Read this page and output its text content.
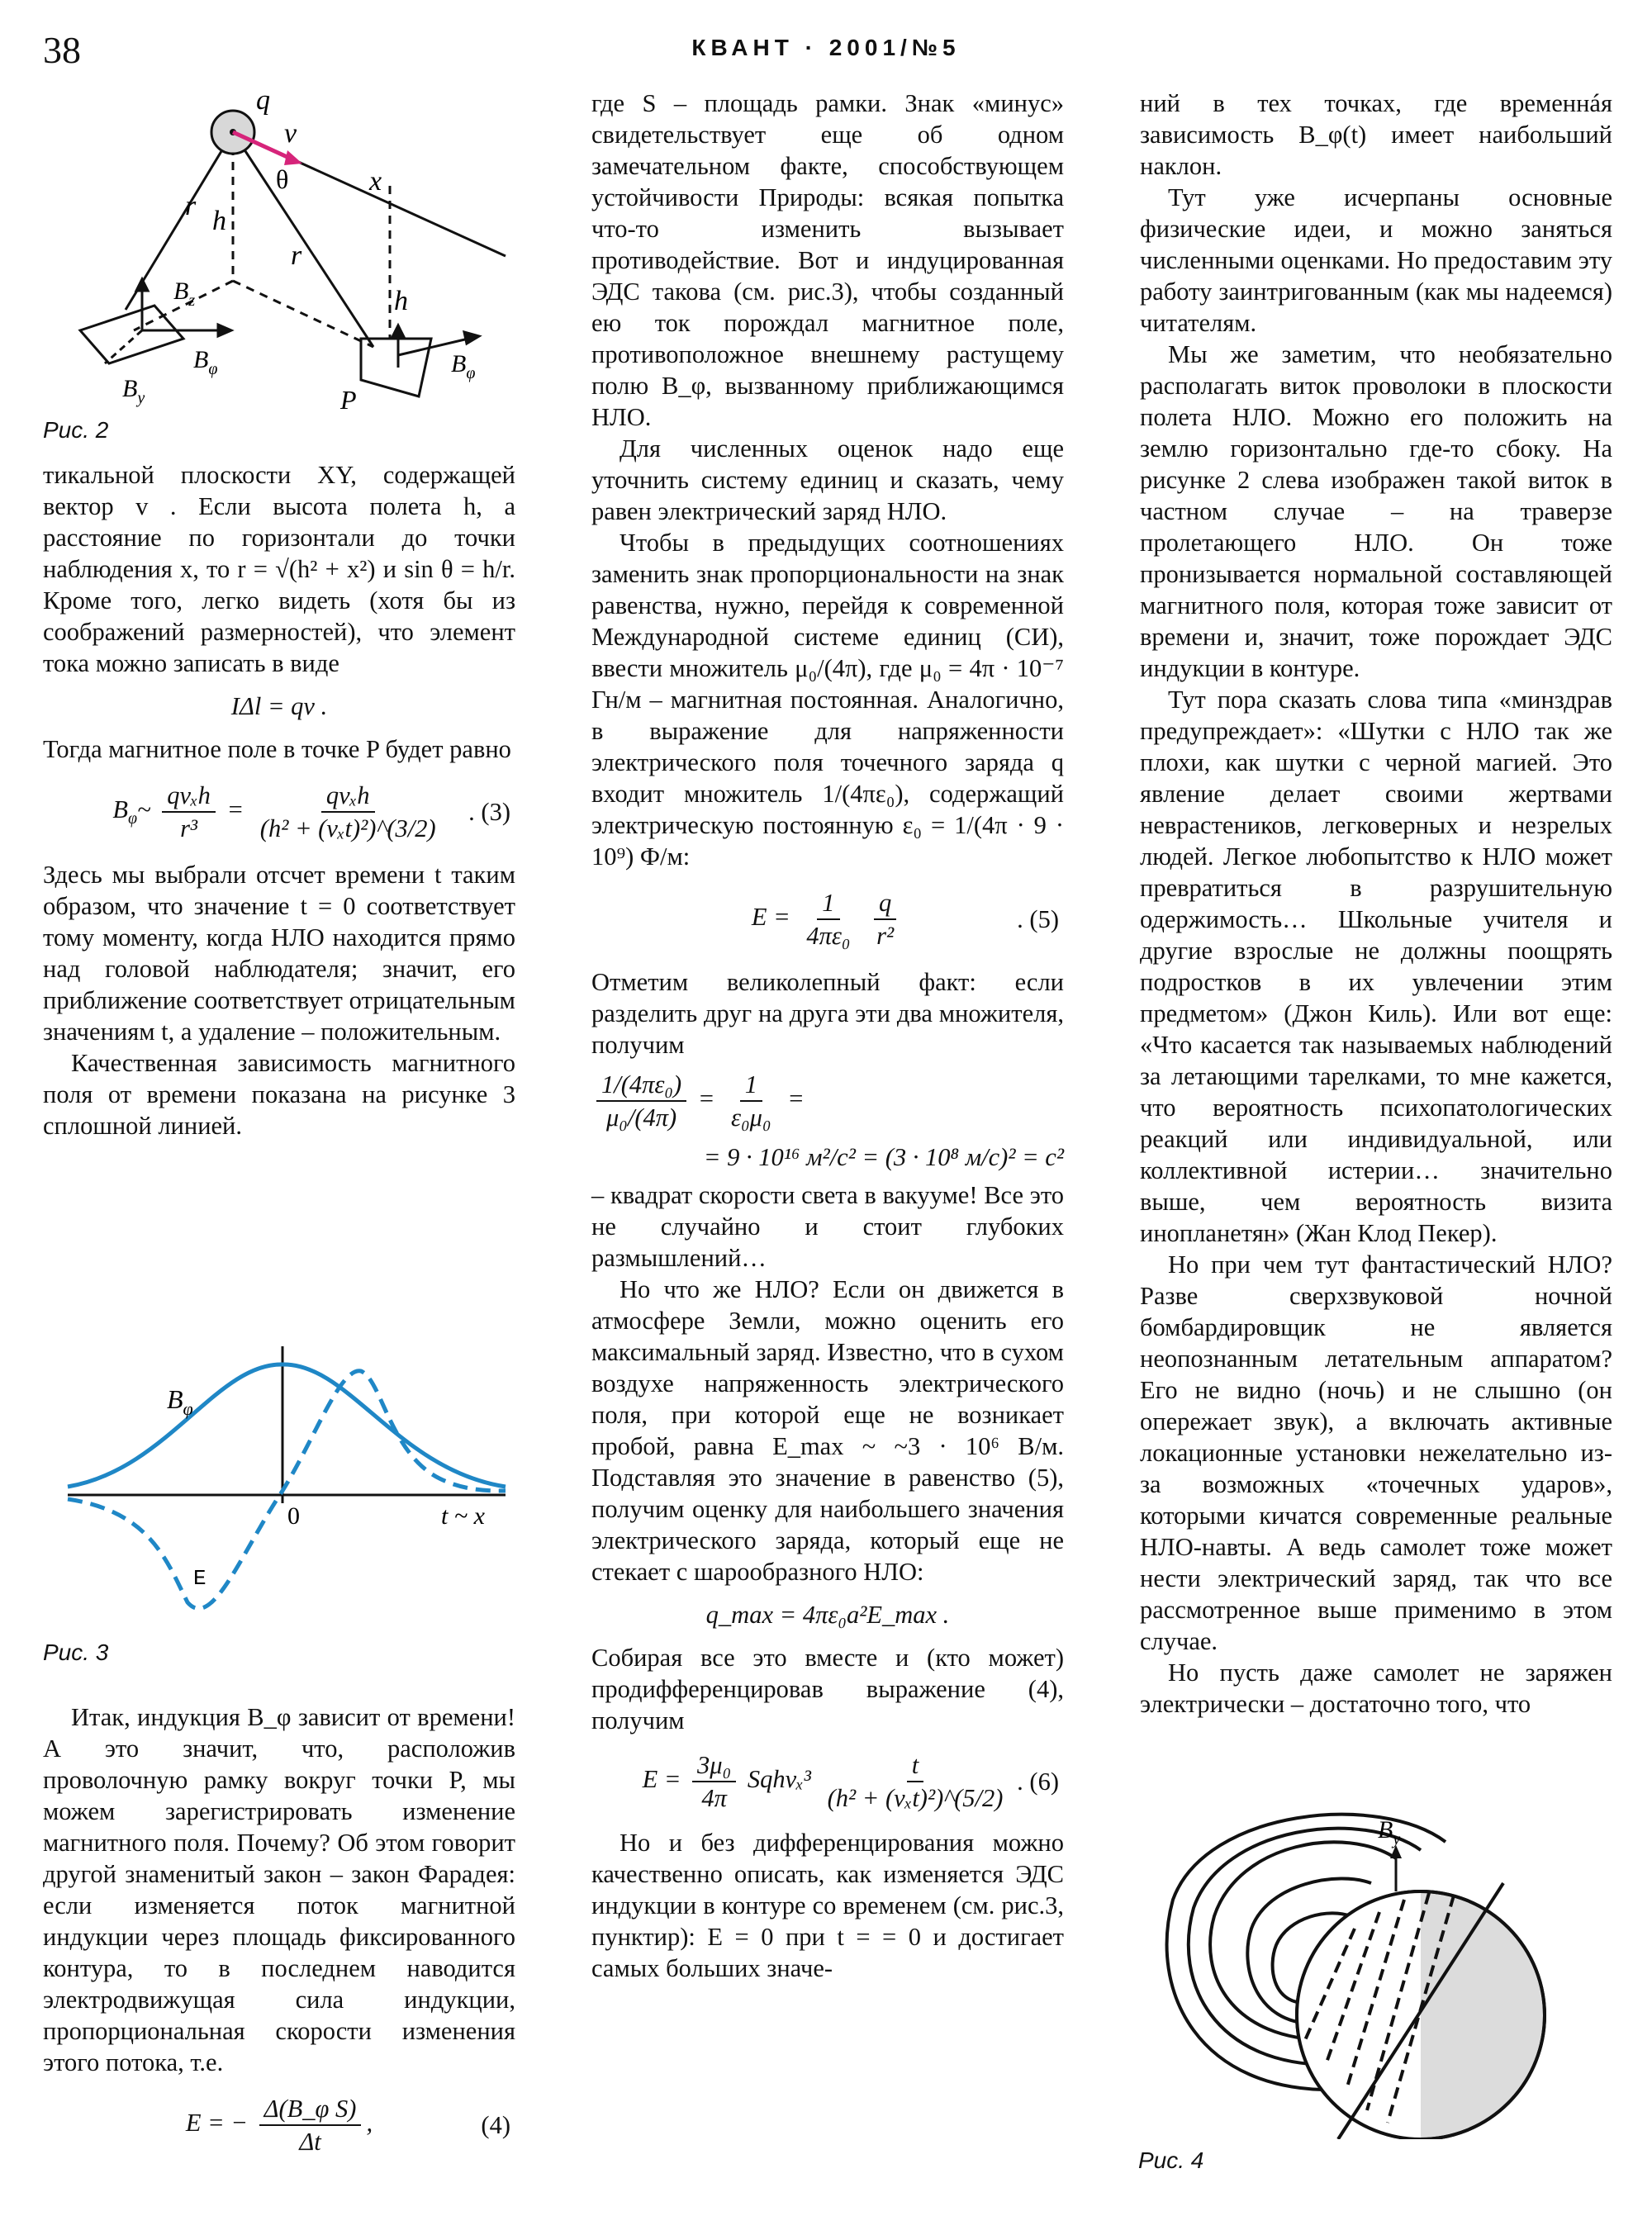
38	КВАНТ · 2001/№5
q
v
θ
r h
x
r
h
$B_z$
$B_\varphi$
$B_y$
$B_\varphi$
P
Рис. 2

тикальной плоскости XY, содержащей вектор v . Если высота полета h, а расстояние по горизонтали до точки наблюдения x, то r = √(h² + x²) и sin θ = h/r. Кроме того, легко видеть (хотя бы из соображений размерностей), что элемент тока можно записать в виде

IΔl = qv .

Тогда магнитное поле в точке P будет равно

$B_\varphi\sim \frac{\text{qvₓh}}{\text{r³}} = \frac{\text{qvₓh}}{\text{(h² + (vₓt)²)\textasciicircum{}(3/2)}}$ . (3)

Здесь мы выбрали отсчет времени t таким образом, что значение t = 0 соответствует тому моменту, когда НЛО находится прямо над головой наблюдателя; значит, его приближение соответствует отрицательным значениям t, а удаление – положительным.

Качественная зависимость магнитного поля от времени показана на рисунке 3 сплошной линией.

$B_\varphi$
0	t ~ x
Ε
Рис. 3

Итак, индукция B_φ зависит от времени! А это значит, что, расположив проволочную рамку вокруг точки P, мы можем зарегистрировать изменение магнитного поля. Почему? Об этом говорит другой знаменитый закон – закон Фарадея: если изменяется поток магнитной индукции через площадь фиксированного контура, то в последнем наводится электродвижущая сила индукции, пропорциональная скорости изменения этого потока, т.е.

Ε = − $\frac{\text{Δ(B\_φ S)}}{\Delta t}$ ,	(4)

где S – площадь рамки. Знак «минус» свидетельствует еще об одном замечательном факте, способствующем устойчивости Природы: всякая попытка что-то изменить вызывает противодействие. Вот и индуцированная ЭДС такова (см. рис.3), чтобы созданный ею ток порождал магнитное поле, противоположное внешнему растущему полю B_φ, вызванному приближающимся НЛО.

Для численных оценок надо еще уточнить систему единиц и сказать, чему равен электрический заряд НЛО.

Чтобы в предыдущих соотношениях заменить знак пропорциональности на знак равенства, нужно, перейдя к современной Международной системе единиц (СИ), ввести множитель μ₀/(4π), где μ₀ = 4π · 10⁻⁷ Гн/м – магнитная постоянная. Аналогично, в выражение для напряженности электрического поля точечного заряда q входит множитель 1/(4πε₀), содержащий электрическую постоянную ε₀ = 1/(4π · 9 · 10⁹) Ф/м:

$E = \frac{1}{\text{4πε₀}}$
$\frac{q}{\text{r²}}$	. (5)

Отметим великолепный факт: если разделить друг на друга эти два множителя, получим

$\frac{\text{1/(4πε₀)}}{\text{μ₀/(4π)}} = \frac{1}{\text{ε₀μ₀}}$ =
= 9 · 10¹⁶ м²/с² = (3 · 10⁸ м/с)² = c²

– квадрат скорости света в вакууме! Все это не случайно и стоит глубоких размышлений…

Но что же НЛО? Если он движется в атмосфере Земли, можно оценить его максимальный заряд. Известно, что в сухом воздухе напряженность электрического поля, при которой еще не возникает пробой, равна E_max ~ ~3 · 10⁶ В/м. Подставляя это значение в равенство (5), получим оценку для наибольшего значения электрического заряда, который еще не стекает с шарообразного НЛО:

q_max = 4πε₀a²E_max .

Собирая все это вместе и (кто может) продифференцировав выражение (4), получим

$E = \frac{\text{3μ₀}}{4\pi}$ Sqhvₓ³ $\frac{t}{\text{(h² + (vₓt)²)\textasciicircum{}(5/2)}}$ . (6)

Но и без дифференцирования можно качественно описать, как изменяется ЭДС индукции в контуре со временем (см. рис.3, пунктир): Ε = 0 при t = = 0 и достигает самых больших значе-

ний в тех точках, где временнáя зависимость B_φ(t) имеет наибольший наклон.

Тут уже исчерпаны основные физические идеи, и можно заняться численными оценками. Но предоставим эту работу заинтригованным (как мы надеемся) читателям.

Мы же заметим, что необязательно располагать виток проволоки в плоскости полета НЛО. Можно его положить на землю горизонтально где-то сбоку. На рисунке 2 слева изображен такой виток в частном случае – на траверзе пролетающего НЛО. Он тоже пронизывается нормальной составляющей магнитного поля, которая тоже зависит от времени и, значит, тоже порождает ЭДС индукции в контуре.

Тут пора сказать слова типа «минздрав предупреждает»: «Шутки с НЛО так же плохи, как шутки с черной магией. Это явление делает своими жертвами неврастеников, легковерных и незрелых людей. Легкое любопытство к НЛО может превратиться в разрушительную одержимость… Школьные учителя и другие взрослые не должны поощрять подростков в их увлечении этим предметом» (Джон Киль). Или вот еще: «Что касается так называемых наблюдений за летающими тарелками, то мне кажется, что вероятность психопатологических реакций или индивидуальной, или коллективной истерии… значительно выше, чем вероятность визита инопланетян» (Жан Клод Пекер).

Но при чем тут фантастический НЛО? Разве сверхзвуковой ночной бомбардировщик не является неопознанным летательным аппаратом? Его не видно (ночь) и не слышно (он опережает звук), а включать активные локационные установки нежелательно из-за возможных «точечных ударов», которыми кичатся современные реальные НЛО-навты. А ведь самолет тоже может нести электрический заряд, так что все рассмотренное выше применимо в этом случае.

Но пусть даже самолет не заряжен электрически – достаточно того, что

$B_y$
Рис. 4
